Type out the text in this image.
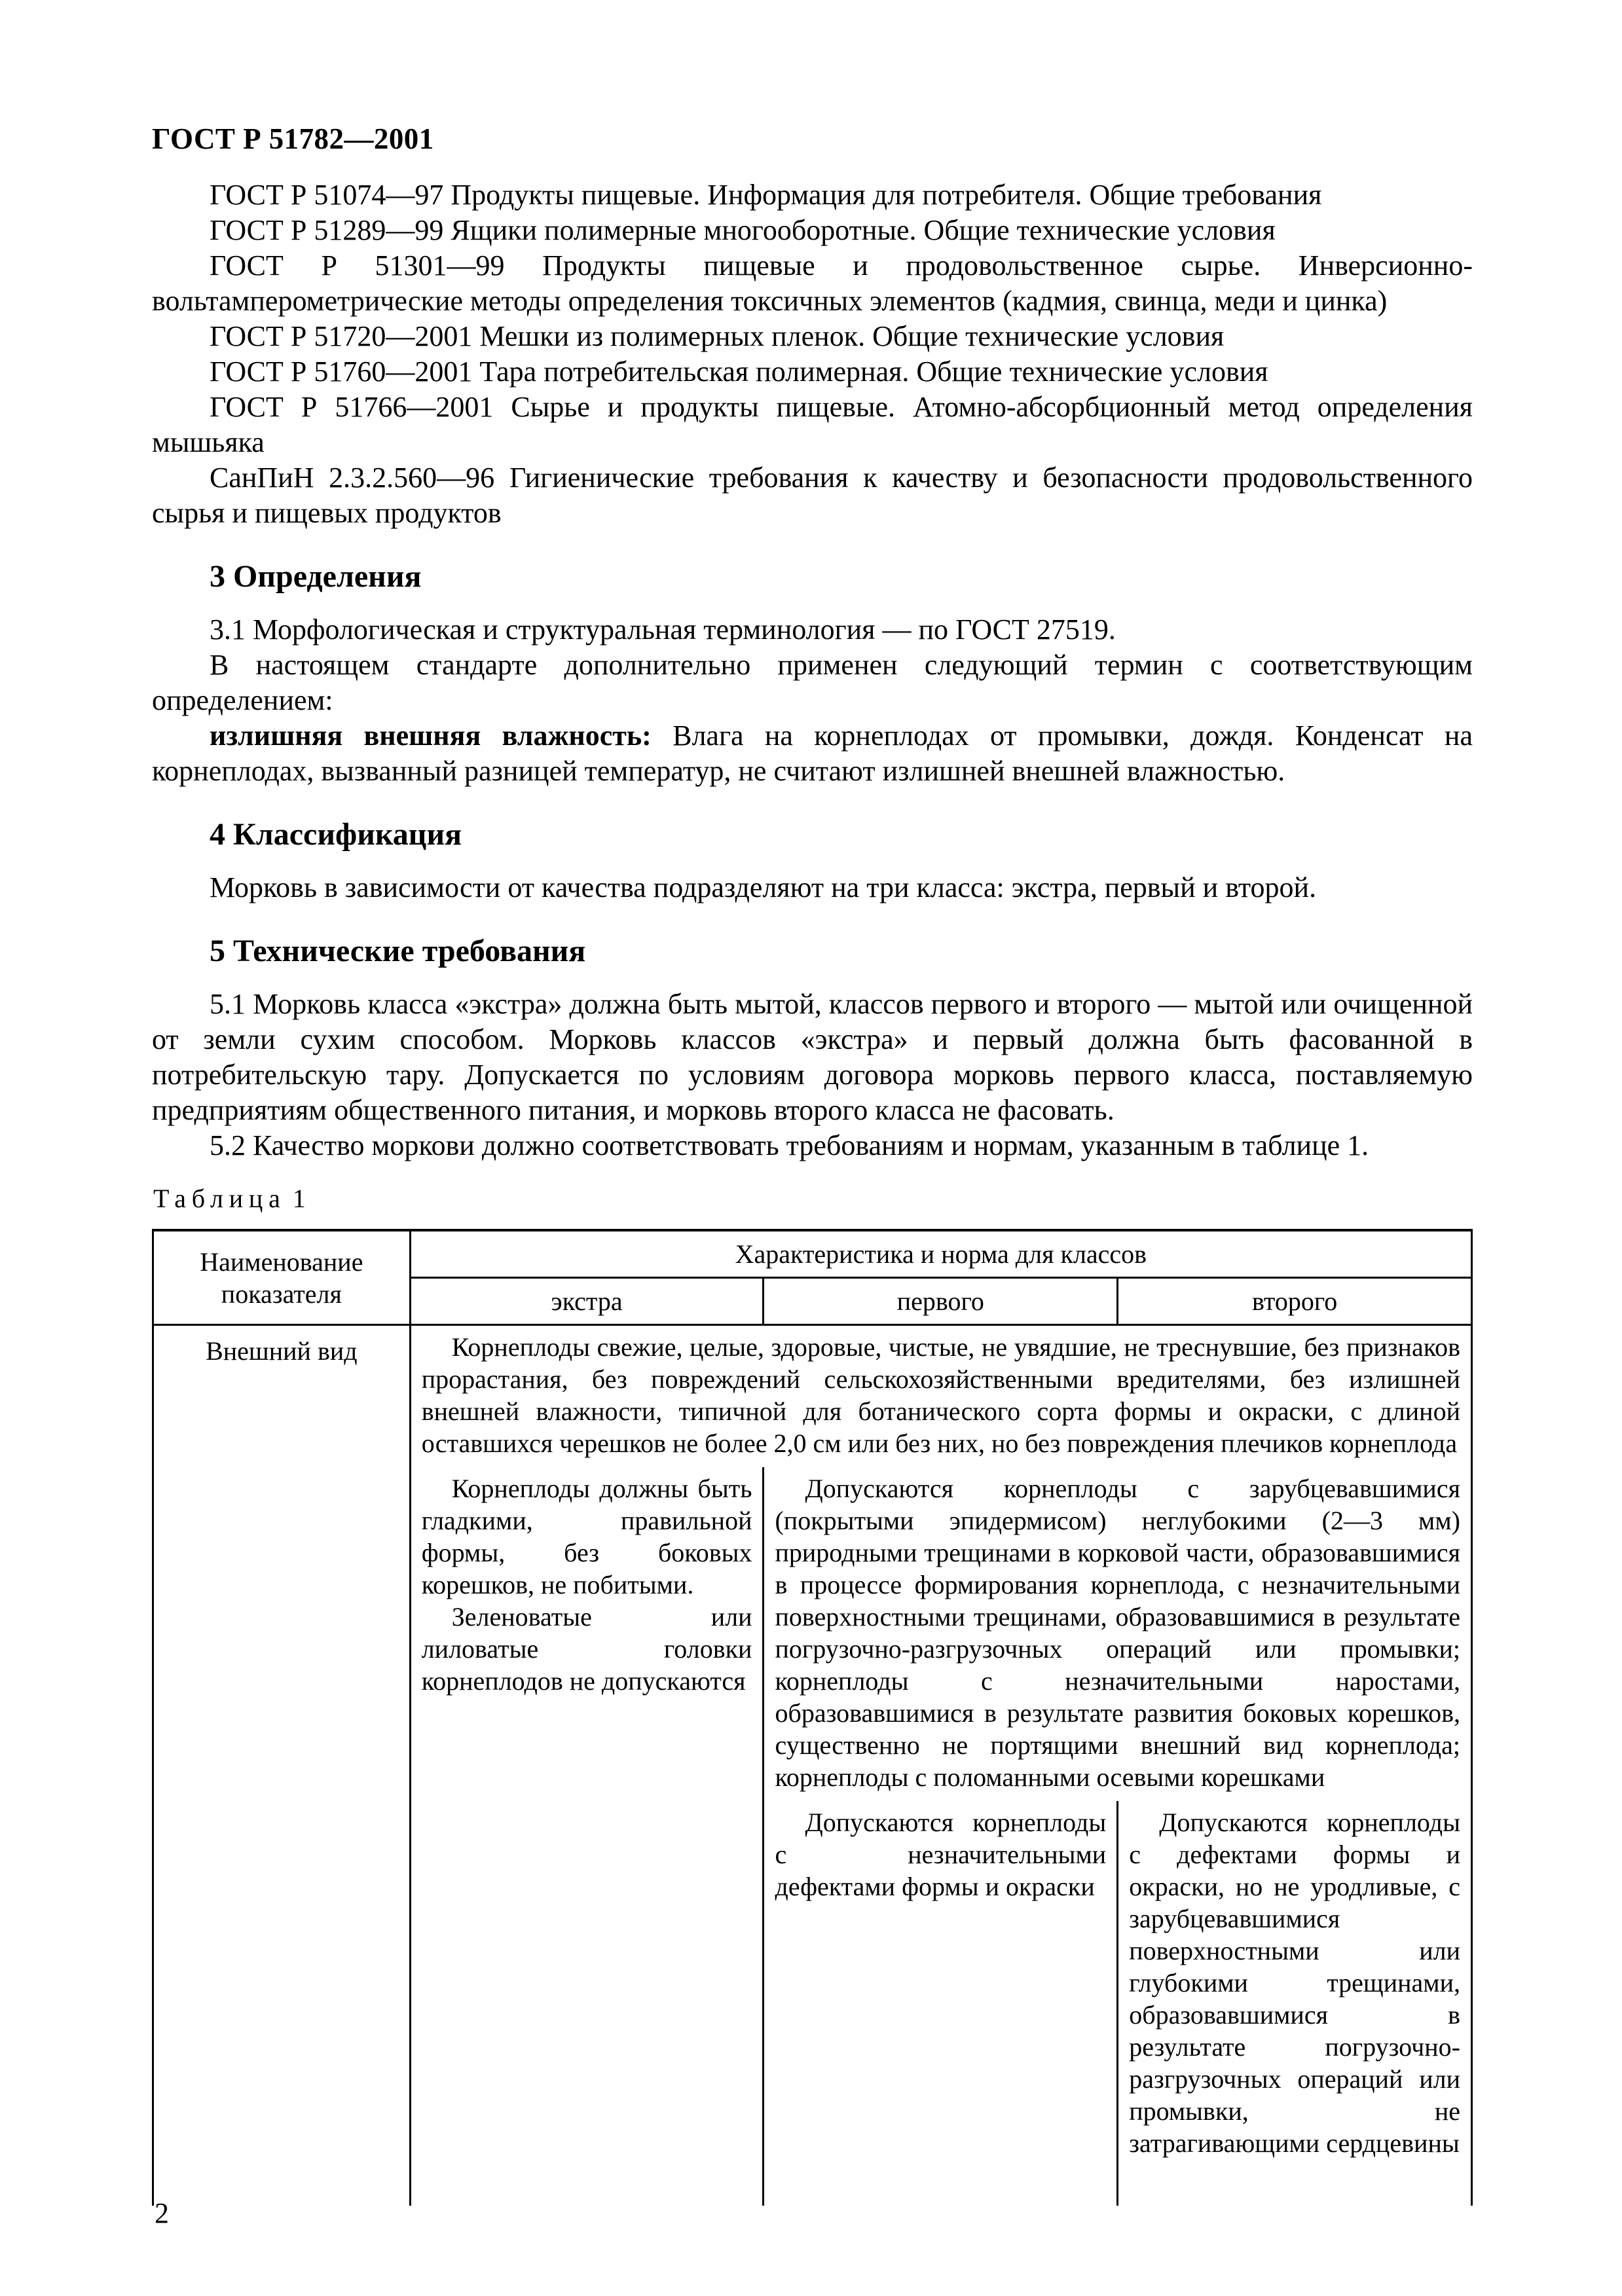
ГОСТ Р 51782—2001

ГОСТ Р 51074—97 Продукты пищевые. Информация для потребителя. Общие требования

ГОСТ Р 51289—99 Ящики полимерные многооборотные. Общие технические условия

ГОСТ Р 51301—99 Продукты пищевые и продовольственное сырье. Инверсионно-вольтамперометрические методы определения токсичных элементов (кадмия, свинца, меди и цинка)

ГОСТ Р 51720—2001 Мешки из полимерных пленок. Общие технические условия

ГОСТ Р 51760—2001 Тара потребительская полимерная. Общие технические условия

ГОСТ Р 51766—2001 Сырье и продукты пищевые. Атомно-абсорбционный метод определения мышьяка

СанПиН 2.3.2.560—96 Гигиенические требования к качеству и безопасности продовольственного сырья и пищевых продуктов

3 Определения

3.1 Морфологическая и структуральная терминология — по ГОСТ 27519.

В настоящем стандарте дополнительно применен следующий термин с соответствующим определением:

излишняя внешняя влажность: Влага на корнеплодах от промывки, дождя. Конденсат на корнеплодах, вызванный разницей температур, не считают излишней внешней влажностью.

4 Классификация

Морковь в зависимости от качества подразделяют на три класса: экстра, первый и второй.

5 Технические требования

5.1 Морковь класса «экстра» должна быть мытой, классов первого и второго — мытой или очищенной от земли сухим способом. Морковь классов «экстра» и первый должна быть фасованной в потребительскую тару. Допускается по условиям договора морковь первого класса, поставляемую предприятиям общественного питания, и морковь второго класса не фасовать.

5.2 Качество моркови должно соответствовать требованиям и нормам, указанным в таблице 1.

Таблица 1

Наименование показателя	Характеристика и норма для классов		
	экстра	первого	второго
Внешний вид	Корнеплоды свежие, целые, здоровые, чистые, не увядшие, не треснувшие, без признаков прорастания, без повреждений сельскохозяйственными вредителями, без излишней внешней влажности, типичной для ботанического сорта формы и окраски, с длиной оставшихся черешков не более 2,0 см или без них, но без повреждения плечиков корнеплода		

	Корнеплоды должны быть гладкими, правильной формы, без боковых корешков, не побитыми.

Зеленоватые или лиловатые головки корнеплодов не допускаются	Допускаются корнеплоды с зарубцевавшимися (покрытыми эпидермисом) неглубокими (2—3 мм) природными трещинами в корковой части, образовавшимися в процессе формирования корнеплода, с незначительными поверхностными трещинами, образовавшимися в результате погрузочно-разгрузочных операций или промывки; корнеплоды с незначительными наростами, образовавшимися в результате развития боковых корешков, существенно не портящими внешний вид корнеплода; корнеплоды с поломанными осевыми корешками	

		Допускаются корнеплоды с незначительными дефектами формы и окраски	Допускаются корнеплоды с дефектами формы и окраски, но не уродливые, с зарубцевавшимися поверхностными или глубокими трещинами, образовавшимися в результате погрузочно-разгрузочных операций или промывки, не затрагивающими сердцевины

2
